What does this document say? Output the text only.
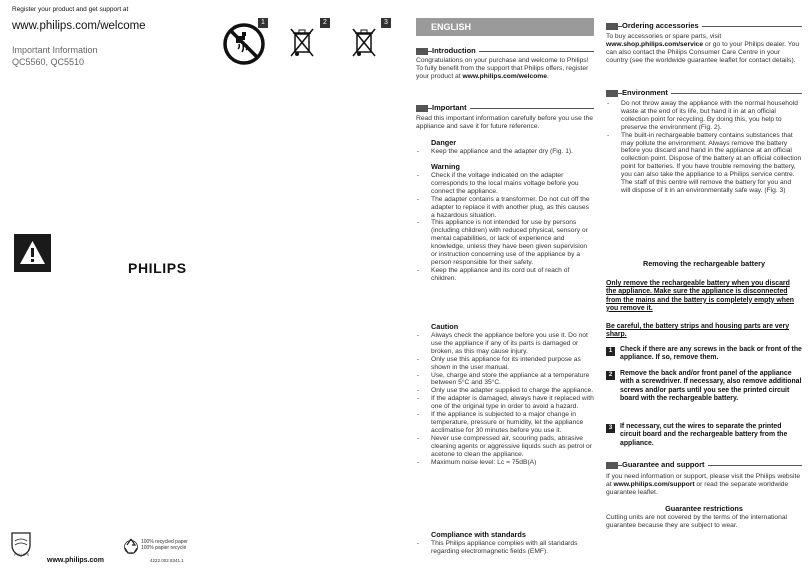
Register your product and get support at
www.philips.com/welcome
Important Information
QC5560, QC5510
1	2	3
PHILIPS
PHILIPS
www.philips.com
100% recycled paper
100% papier recyclé
4222.002.8341.1
ENGLISH
Introduction
Congratulations on your purchase and welcome to Philips! To fully benefit from the support that Philips offers, register your product at www.philips.com/welcome.
Important
Read this important information carefully before you use the appliance and save it for future reference.
Danger
- Keep the appliance and the adapter dry (Fig. 1).
Warning
- Check if the voltage indicated on the adapter corresponds to the local mains voltage before you connect the appliance.
- The adapter contains a transformer. Do not cut off the adapter to replace it with another plug, as this causes a hazardous situation.
- This appliance is not intended for use by persons (including children) with reduced physical, sensory or mental capabilities, or lack of experience and knowledge, unless they have been given supervision or instruction concerning use of the appliance by a person responsible for their safety.
- Keep the appliance and its cord out of reach of children.
Caution
- Always check the appliance before you use it. Do not use the appliance if any of its parts is damaged or broken, as this may cause injury.
- Only use this appliance for its intended purpose as shown in the user manual.
- Use, charge and store the appliance at a temperature between 5°C and 35°C.
- Only use the adapter supplied to charge the appliance.
- If the adapter is damaged, always have it replaced with one of the original type in order to avoid a hazard.
- If the appliance is subjected to a major change in temperature, pressure or humidity, let the appliance acclimatise for 30 minutes before you use it.
- Never use compressed air, scouring pads, abrasive cleaning agents or aggressive liquids such as petrol or acetone to clean the appliance.
- Maximum noise level: Lc = 75dB(A)
Compliance with standards
- This Philips appliance complies with all standards regarding electromagnetic fields (EMF).
Ordering accessories
To buy accessories or spare parts, visit www.shop.philips.com/service or go to your Philips dealer. You can also contact the Philips Consumer Care Centre in your country (see the worldwide guarantee leaflet for contact details).
Environment
- Do not throw away the appliance with the normal household waste at the end of its life, but hand it in at an official collection point for recycling. By doing this, you help to preserve the environment (Fig. 2).
- The built-in rechargeable battery contains substances that may pollute the environment. Always remove the battery before you discard and hand in the appliance at an official collection point. Dispose of the battery at an official collection point for batteries. If you have trouble removing the battery, you can also take the appliance to a Philips service centre. The staff of this centre will remove the battery for you and will dispose of it in an environmentally safe way. (Fig. 3)
Removing the rechargeable battery
Only remove the rechargeable battery when you discard the appliance. Make sure the appliance is disconnected from the mains and the battery is completely empty when you remove it.
Be careful, the battery strips and housing parts are very sharp.
1	Check if there are any screws in the back or front of the appliance. If so, remove them.
2	Remove the back and/or front panel of the appliance with a screwdriver. If necessary, also remove additional screws and/or parts until you see the printed circuit board with the rechargeable battery.
3	If necessary, cut the wires to separate the printed circuit board and the rechargeable battery from the appliance.
Guarantee and support
If you need information or support, please visit the Philips website at www.philips.com/support or read the separate worldwide guarantee leaflet.
Guarantee restrictions
Cutting units are not covered by the terms of the international guarantee because they are subject to wear.
